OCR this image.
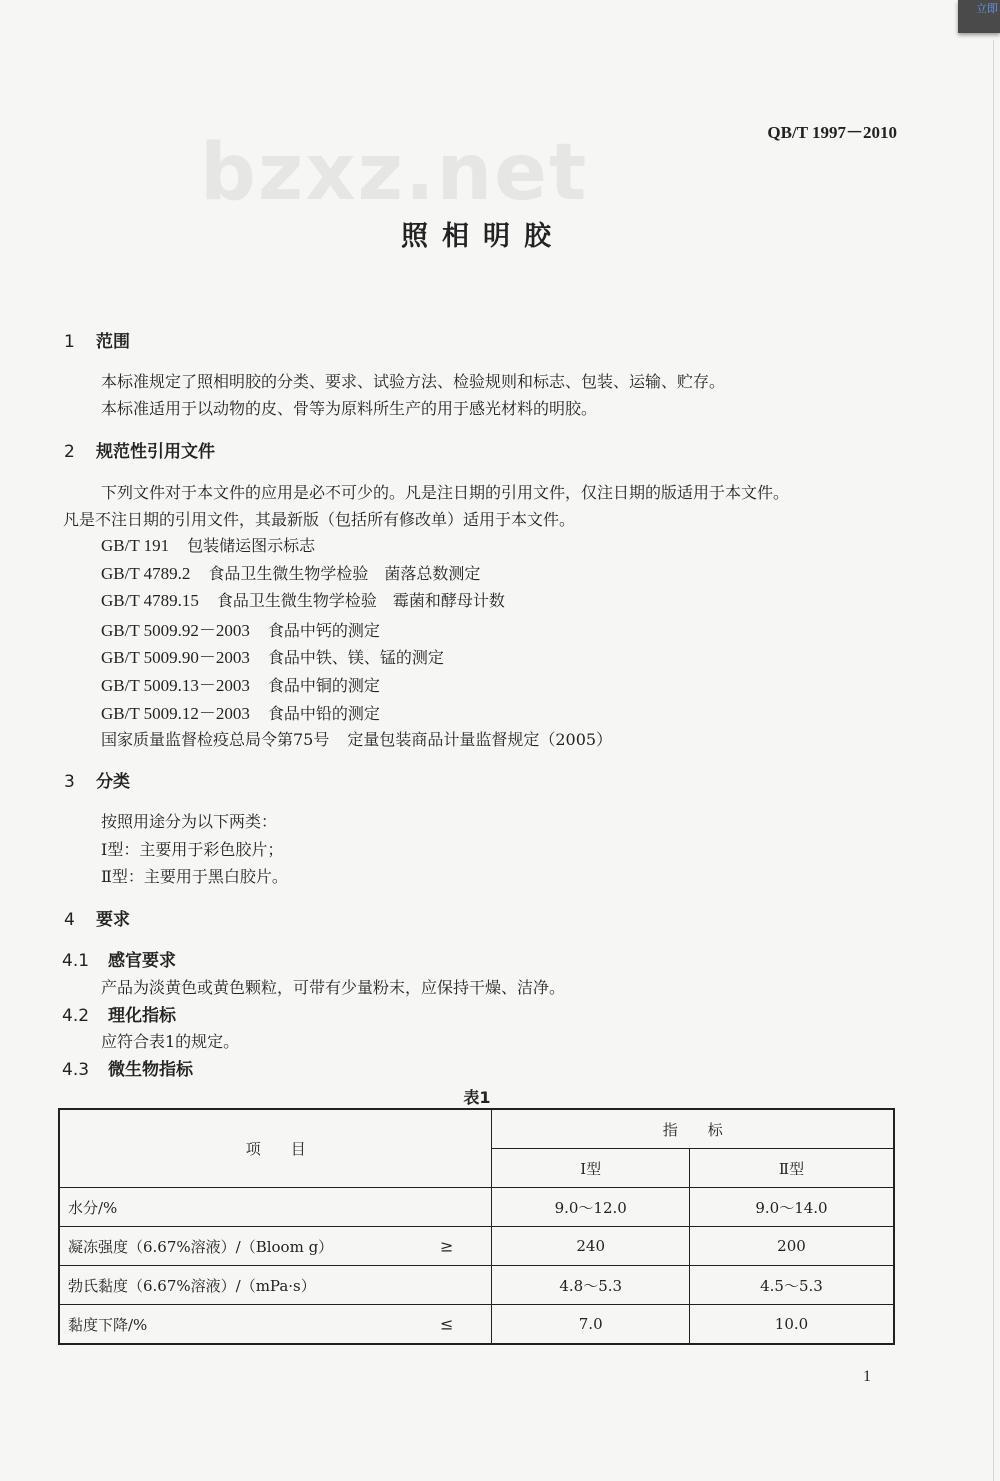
立即
bzxz.net	QB/T 1997－2010
照相明胶
1 范围
本标准规定了照相明胶的分类、要求、试验方法、检验规则和标志、包装、运输、贮存。
本标准适用于以动物的皮、骨等为原料所生产的用于感光材料的明胶。
2 规范性引用文件
下列文件对于本文件的应用是必不可少的。凡是注日期的引用文件，仅注日期的版适用于本文件。
凡是不注日期的引用文件，其最新版（包括所有修改单）适用于本文件。
GB/T 191 包装储运图示标志
GB/T 4789.2 食品卫生微生物学检验　菌落总数测定
GB/T 4789.15 食品卫生微生物学检验　霉菌和酵母计数
GB/T 5009.92－2003 食品中钙的测定
GB/T 5009.90－2003 食品中铁、镁、锰的测定
GB/T 5009.13－2003 食品中铜的测定
GB/T 5009.12－2003 食品中铅的测定
国家质量监督检疫总局令第75号 定量包装商品计量监督规定（2005）
3 分类
按照用途分为以下两类：
Ⅰ型：主要用于彩色胶片；
Ⅱ型：主要用于黑白胶片。
4 要求
4.1 感官要求
产品为淡黄色或黄色颗粒，可带有少量粉末，应保持干燥、洁净。
4.2 理化指标
应符合表1的规定。
4.3 微生物指标
表1
项　　目	指　　标	
	Ⅰ型	Ⅱ型
水分/%	9.0～12.0	9.0～14.0
凝冻强度（6.67%溶液）/（Bloom g） ≥	240	200
勃氏黏度（6.67%溶液）/（mPa·s）	4.8～5.3	4.5～5.3
黏度下降/% ≤	7.0	10.0
1
